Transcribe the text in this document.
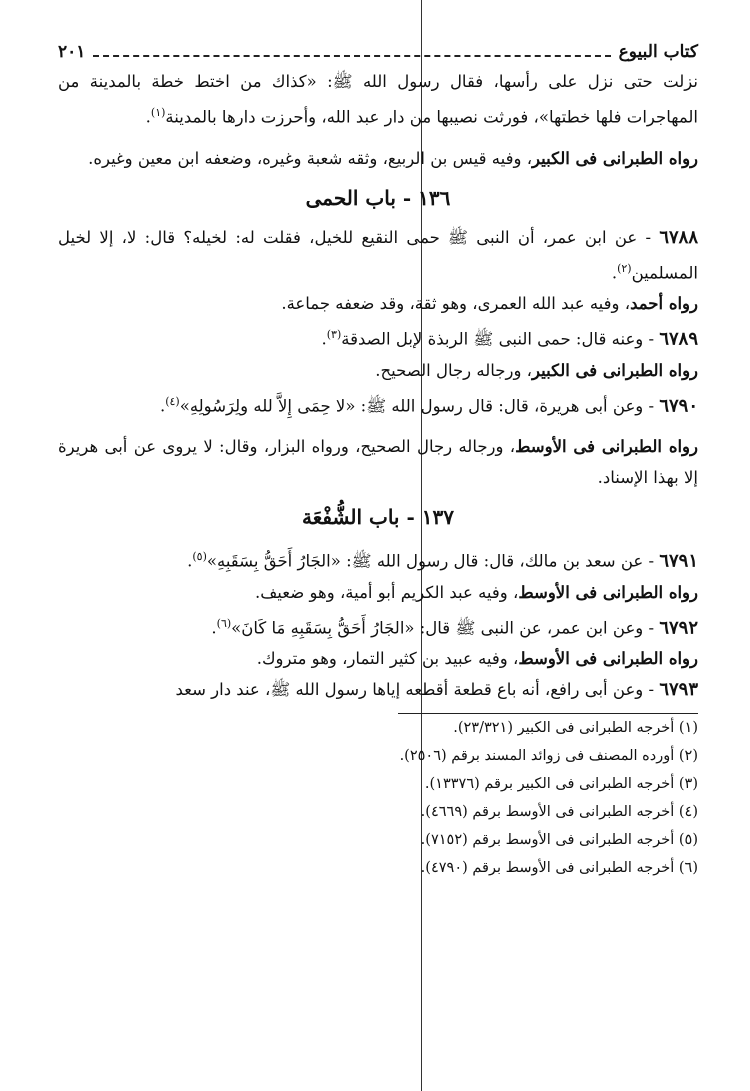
كتاب البيوع
٢٠١

نزلت حتى نزل على رأسها، فقال رسول الله ﷺ: «كذاك من اختط خطة بالمدينة من المهاجرات فلها خطتها»، فورثت نصيبها من دار عبد الله، وأحرزت دارها بالمدينة$^{(١)}$.

رواه الطبرانى فى الكبير، وفيه قيس بن الربيع، وثقه شعبة وغيره، وضعفه ابن معين وغيره.

١٣٦ - باب الحمى

٦٧٨٨ - عن ابن عمر، أن النبى ﷺ حمى النقيع للخيل، فقلت له: لخيله؟ قال: لا، إلا لخيل المسلمين$^{(٢)}$.

رواه أحمد، وفيه عبد الله العمرى، وهو ثقة، وقد ضعفه جماعة.

٦٧٨٩ - وعنه قال: حمى النبى ﷺ الربذة لإبل الصدقة$^{(٣)}$.

رواه الطبرانى فى الكبير، ورجاله رجال الصحيح.

٦٧٩٠ - وعن أبى هريرة، قال: قال رسول الله ﷺ: «لا حِمَى إِلاَّ لله ولِرَسُولِهِ»$^{(٤)}$.

رواه الطبرانى فى الأوسط، ورجاله رجال الصحيح، ورواه البزار، وقال: لا يروى عن أبى هريرة إلا بهذا الإسناد.

١٣٧ - باب الشُّفْعَة

٦٧٩١ - عن سعد بن مالك، قال: قال رسول الله ﷺ: «الجَارُ أَحَقُّ بِسَقَبِهِ»$^{(٥)}$.

رواه الطبرانى فى الأوسط، وفيه عبد الكريم أبو أمية، وهو ضعيف.

٦٧٩٢ - وعن ابن عمر، عن النبى ﷺ قال: «الجَارُ أَحَقُّ بِسَقَبِهِ مَا كَانَ»$^{(٦)}$.

رواه الطبرانى فى الأوسط، وفيه عبيد بن كثير التمار، وهو متروك.

٦٧٩٣ - وعن أبى رافع، أنه باع قطعة أقطعه إياها رسول الله ﷺ، عند دار سعد

(١) أخرجه الطبرانى فى الكبير (٢٣/٣٢١).
(٢) أورده المصنف فى زوائد المسند برقم (٢٥٠٦).
(٣) أخرجه الطبرانى فى الكبير برقم (١٣٣٧٦).
(٤) أخرجه الطبرانى فى الأوسط برقم (٤٦٦٩).
(٥) أخرجه الطبرانى فى الأوسط برقم (٧١٥٢).
(٦) أخرجه الطبرانى فى الأوسط برقم (٤٧٩٠).
